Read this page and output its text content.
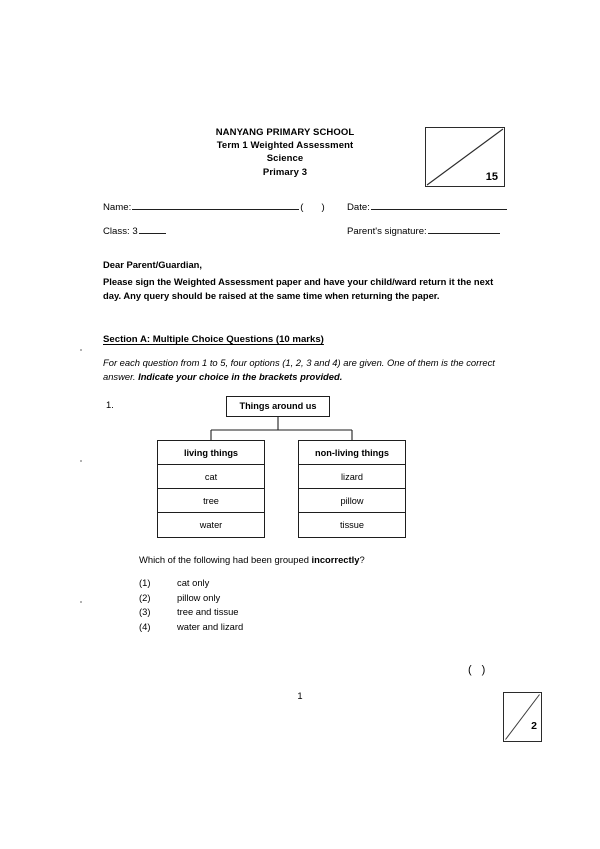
NANYANG PRIMARY SCHOOL
Term 1 Weighted Assessment
Science
Primary 3	15
Name:	( ) Date:
Class: 3	Parent's signature:
Dear Parent/Guardian,
Please sign the Weighted Assessment paper and have your child/ward return it the next day. Any query should be raised at the same time when returning the paper.
Section A: Multiple Choice Questions (10 marks)
For each question from 1 to 5, four options (1, 2, 3 and 4) are given. One of them is the correct answer. Indicate your choice in the brackets provided.
1.	Things around us
living things
cat
tree
water
non-living things
lizard
pillow
tissue
Which of the following had been grouped incorrectly?
(1)	cat only
(2)	pillow only
(3)	tree and tissue
(4)	water and lizard
()
1
2
